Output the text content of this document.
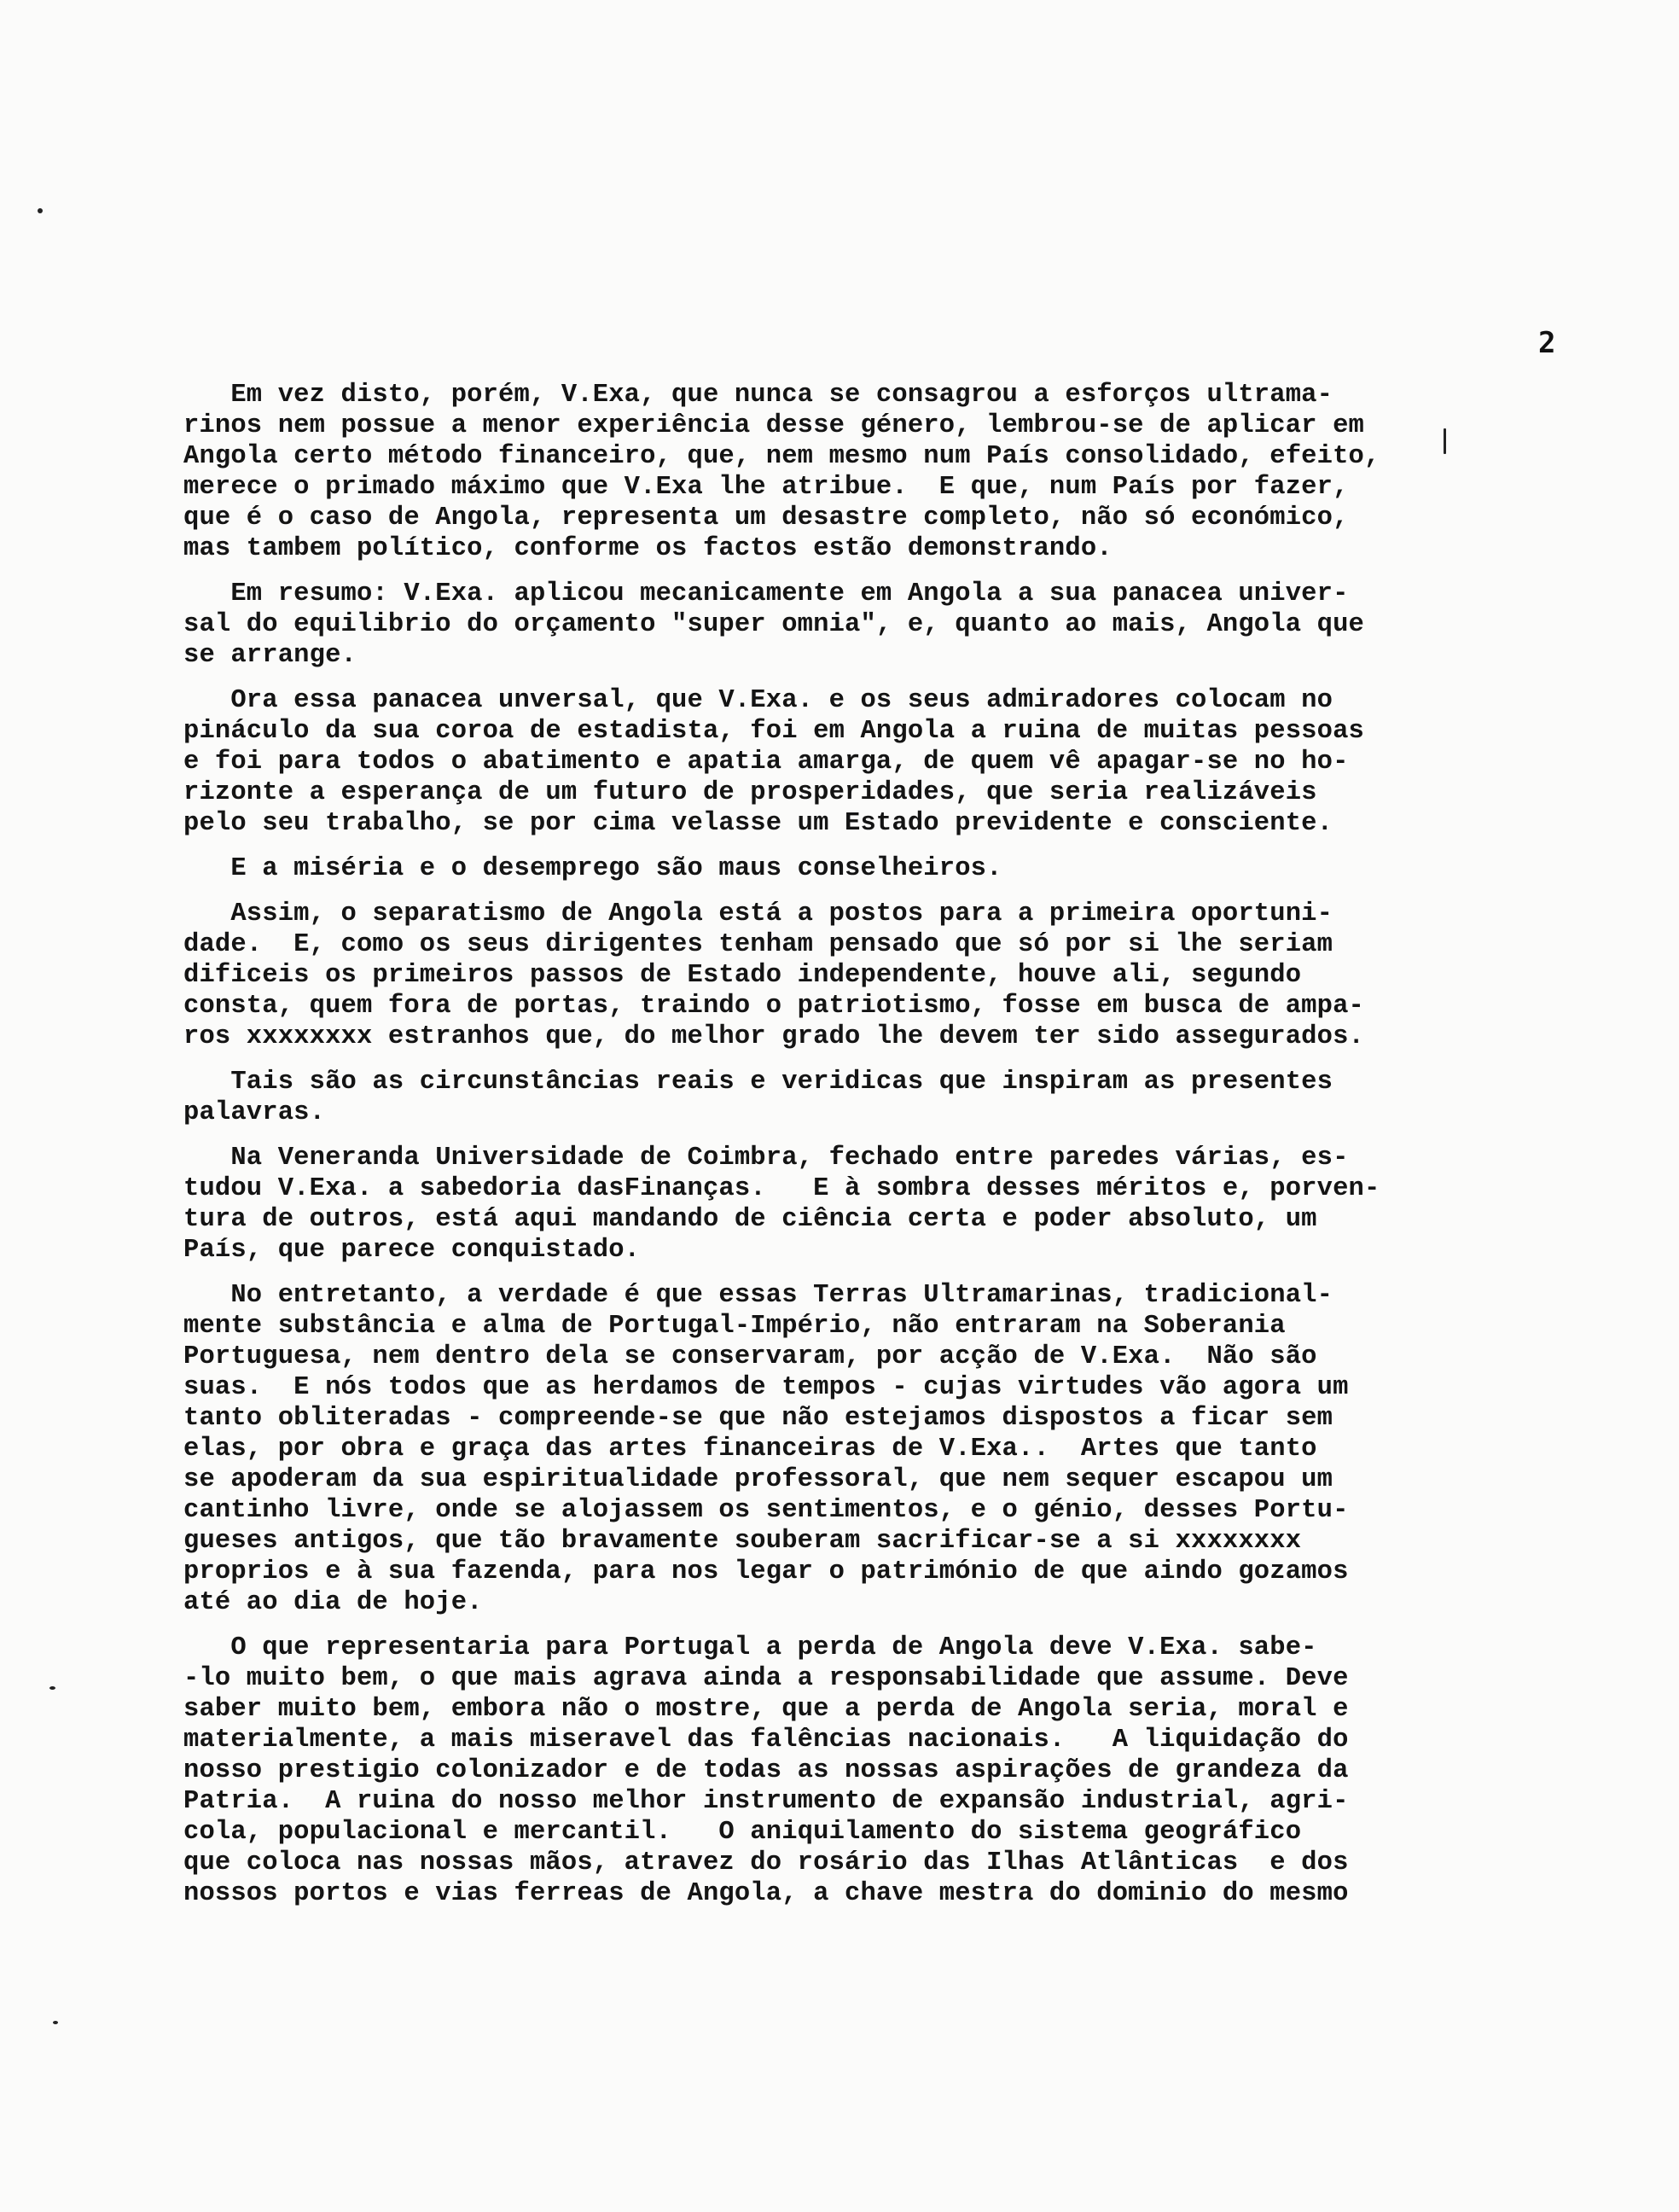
2
Em vez disto, porém, V.Exa, que nunca se consagrou a esforços ultrama-
rinos nem possue a menor experiência desse género, lembrou-se de aplicar em
Angola certo método financeiro, que, nem mesmo num País consolidado, efeito,
merece o primado máximo que V.Exa lhe atribue.  E que, num País por fazer,
que é o caso de Angola, representa um desastre completo, não só económico,
mas tambem político, conforme os factos estão demonstrando.
Em resumo: V.Exa. aplicou mecanicamente em Angola a sua panacea univer-
sal do equilibrio do orçamento "super omnia", e, quanto ao mais, Angola que
se arrange.
Ora essa panacea unversal, que V.Exa. e os seus admiradores colocam no
pináculo da sua coroa de estadista, foi em Angola a ruina de muitas pessoas
e foi para todos o abatimento e apatia amarga, de quem vê apagar-se no ho-
rizonte a esperança de um futuro de prosperidades, que seria realizáveis
pelo seu trabalho, se por cima velasse um Estado previdente e consciente.
E a miséria e o desemprego são maus conselheiros.
Assim, o separatismo de Angola está a postos para a primeira oportuni-
dade.  E, como os seus dirigentes tenham pensado que só por si lhe seriam
dificeis os primeiros passos de Estado independente, houve ali, segundo
consta, quem fora de portas, traindo o patriotismo, fosse em busca de ampa-
ros xxxxxxxx estranhos que, do melhor grado lhe devem ter sido assegurados.
Tais são as circunstâncias reais e veridicas que inspiram as presentes
palavras.
Na Veneranda Universidade de Coimbra, fechado entre paredes várias, es-
tudou V.Exa. a sabedoria dasFinanças.   E à sombra desses méritos e, porven-
tura de outros, está aqui mandando de ciência certa e poder absoluto, um
País, que parece conquistado.
No entretanto, a verdade é que essas Terras Ultramarinas, tradicional-
mente substância e alma de Portugal-Império, não entraram na Soberania
Portuguesa, nem dentro dela se conservaram, por acção de V.Exa.  Não são
suas.  E nós todos que as herdamos de tempos - cujas virtudes vão agora um
tanto obliteradas - compreende-se que não estejamos dispostos a ficar sem
elas, por obra e graça das artes financeiras de V.Exa..  Artes que tanto
se apoderam da sua espiritualidade professoral, que nem sequer escapou um
cantinho livre, onde se alojassem os sentimentos, e o génio, desses Portu-
gueses antigos, que tão bravamente souberam sacrificar-se a si xxxxxxxx
proprios e à sua fazenda, para nos legar o património de que aindo gozamos
até ao dia de hoje.
O que representaria para Portugal a perda de Angola deve V.Exa. sabe-
-lo muito bem, o que mais agrava ainda a responsabilidade que assume. Deve
saber muito bem, embora não o mostre, que a perda de Angola seria, moral e
materialmente, a mais miseravel das falências nacionais.   A liquidação do
nosso prestigio colonizador e de todas as nossas aspirações de grandeza da
Patria.  A ruina do nosso melhor instrumento de expansão industrial, agri-
cola, populacional e mercantil.   O aniquilamento do sistema geográfico
que coloca nas nossas mãos, atravez do rosário das Ilhas Atlânticas  e dos
nossos portos e vias ferreas de Angola, a chave mestra do dominio do mesmo
